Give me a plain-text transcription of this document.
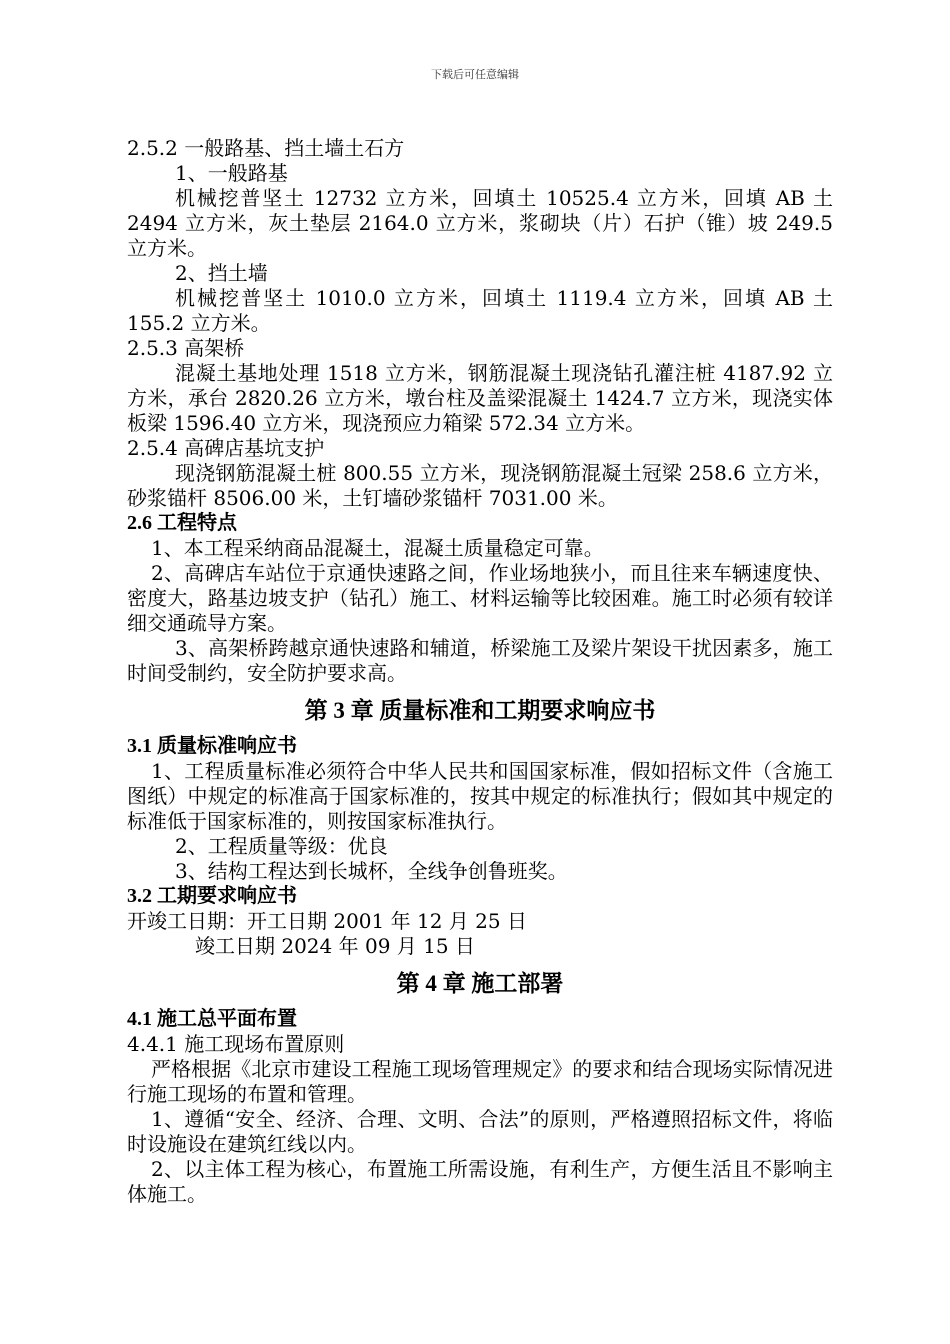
下载后可任意编辑

2.5.2 一般路基、挡土墙土石方

1、一般路基

机械挖普坚土 12732 立方米，回填土 10525.4 立方米，回填 AB 土 2494 立方米，灰土垫层 2164.0 立方米，浆砌块（片）石护（锥）坡 249.5 立方米。

2、挡土墙

机械挖普坚土 1010.0 立方米，回填土 1119.4 立方米，回填 AB 土 155.2 立方米。

2.5.3 高架桥

混凝土基地处理 1518 立方米，钢筋混凝土现浇钻孔灌注桩 4187.92 立方米，承台 2820.26 立方米，墩台柱及盖梁混凝土 1424.7 立方米，现浇实体板梁 1596.40 立方米，现浇预应力箱梁 572.34 立方米。

2.5.4 高碑店基坑支护

现浇钢筋混凝土桩 800.55 立方米，现浇钢筋混凝土冠梁 258.6 立方米，砂浆锚杆 8506.00 米，土钉墙砂浆锚杆 7031.00 米。

2.6 工程特点

1、本工程采纳商品混凝土，混凝土质量稳定可靠。

2、高碑店车站位于京通快速路之间，作业场地狭小，而且往来车辆速度快、密度大，路基边坡支护（钻孔）施工、材料运输等比较困难。施工时必须有较详细交通疏导方案。

3、高架桥跨越京通快速路和辅道，桥梁施工及梁片架设干扰因素多，施工时间受制约，安全防护要求高。

第 3 章 质量标准和工期要求响应书

3.1 质量标准响应书

1、工程质量标准必须符合中华人民共和国国家标准，假如招标文件（含施工图纸）中规定的标准高于国家标准的，按其中规定的标准执行；假如其中规定的标准低于国家标准的，则按国家标准执行。

2、工程质量等级：优良

3、结构工程达到长城杯，全线争创鲁班奖。

3.2 工期要求响应书

开竣工日期：开工日期 2001 年 12 月 25 日

竣工日期 2024 年 09 月 15 日

第 4 章 施工部署

4.1 施工总平面布置

4.4.1 施工现场布置原则

严格根据《北京市建设工程施工现场管理规定》的要求和结合现场实际情况进行施工现场的布置和管理。

1、遵循“安全、经济、合理、文明、合法”的原则，严格遵照招标文件，将临时设施设在建筑红线以内。

2、以主体工程为核心，布置施工所需设施，有利生产，方便生活且不影响主体施工。
